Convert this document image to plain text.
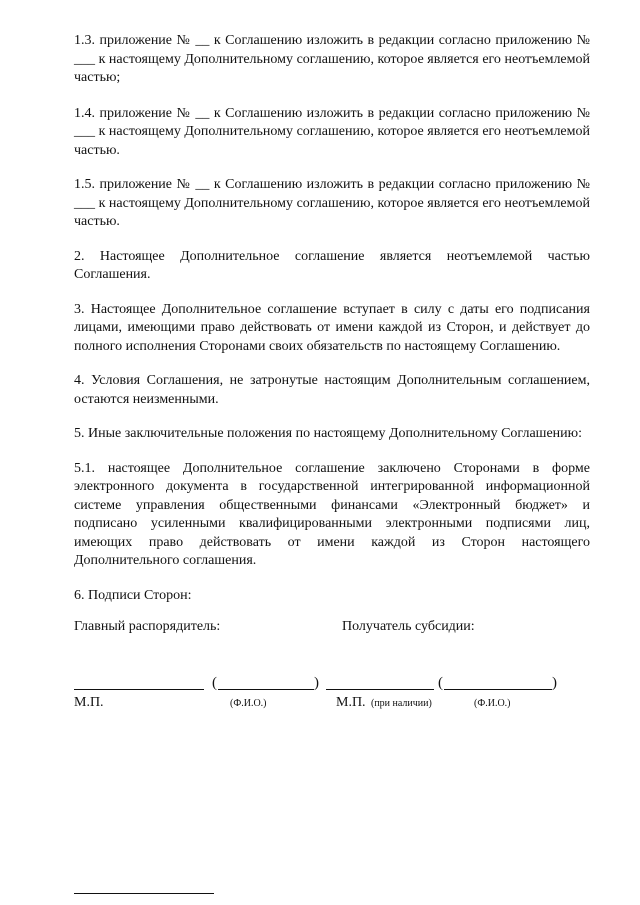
1.3. приложение № __ к Соглашению изложить в редакции согласно приложению № ___ к настоящему Дополнительному соглашению, которое является его неотъемлемой частью;

1.4. приложение № __ к Соглашению изложить в редакции согласно приложению № ___ к настоящему Дополнительному соглашению, которое является его неотъемлемой частью.

1.5. приложение № __ к Соглашению изложить в редакции согласно приложению № ___ к настоящему Дополнительному соглашению, которое является его неотъемлемой частью.

2. Настоящее Дополнительное соглашение является неотъемлемой частью Соглашения.

3. Настоящее Дополнительное соглашение вступает в силу с даты его подписания лицами, имеющими право действовать от имени каждой из Сторон, и действует до полного исполнения Сторонами своих обязательств по настоящему Соглашению.

4. Условия Соглашения, не затронутые настоящим Дополнительным соглашением, остаются неизменными.

5. Иные заключительные положения по настоящему Дополнительному Соглашению:

5.1. настоящее Дополнительное соглашение заключено Сторонами в форме электронного документа в государственной интегрированной информационной системе управления общественными финансами «Электронный бюджет» и подписано усиленными квалифицированными электронными подписями лиц, имеющих право действовать от имени каждой из Сторон настоящего Дополнительного соглашения.

6. Подписи Сторон:

Главный распорядитель:	Получатель субсидии:
(	)	(	)
М.П.	(Ф.И.О.)	М.П. (при наличии)	(Ф.И.О.)
